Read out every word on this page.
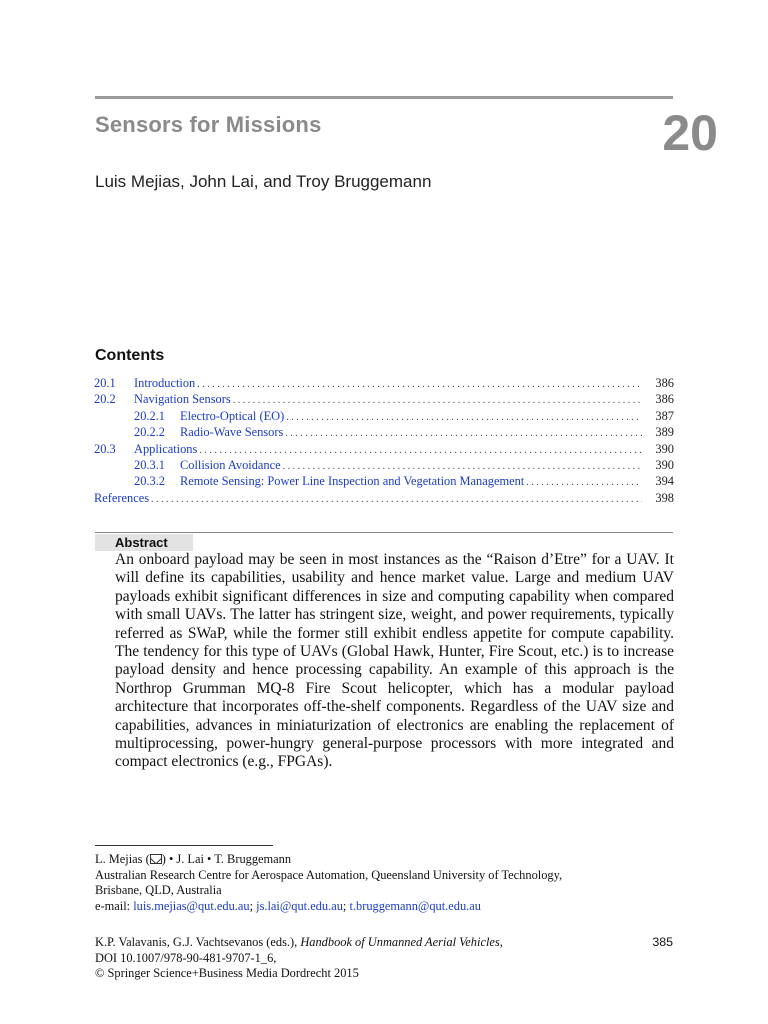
Sensors for Missions	20
Luis Mejias, John Lai, and Troy Bruggemann
Contents
20.1	Introduction . . .	386
20.2	Navigation Sensors . . .	386
20.2.1	Electro-Optical (EO) . . .	387
20.2.2	Radio-Wave Sensors . . .	389
20.3	Applications . . .	390
20.3.1	Collision Avoidance . . .	390
20.3.2	Remote Sensing: Power Line Inspection and Vegetation Management . . .	394
References . . .	398
Abstract

An onboard payload may be seen in most instances as the “Raison d’Etre” for a UAV. It will define its capabilities, usability and hence market value. Large and medium UAV payloads exhibit significant differences in size and computing capability when compared with small UAVs. The latter has stringent size, weight, and power requirements, typically referred as SWaP, while the former still exhibit endless appetite for compute capability. The tendency for this type of UAVs (Global Hawk, Hunter, Fire Scout, etc.) is to increase payload density and hence processing capability. An example of this approach is the Northrop Grumman MQ-8 Fire Scout helicopter, which has a modular payload architecture that incorporates off-the-shelf components. Regardless of the UAV size and capabilities, advances in miniaturization of electronics are enabling the replacement of multiprocessing, power-hungry general-purpose processors with more integrated and compact electronics (e.g., FPGAs).

L. Mejias ( ) • J. Lai • T. Bruggemann
Australian Research Centre for Aerospace Automation, Queensland University of Technology,
Brisbane, QLD, Australia
e-mail: luis.mejias@qut.edu.au; js.lai@qut.edu.au; t.bruggemann@qut.edu.au
K.P. Valavanis, G.J. Vachtsevanos (eds.), Handbook of Unmanned Aerial Vehicles,	385
DOI 10.1007/978-90-481-9707-1_6,
© Springer Science+Business Media Dordrecht 2015
